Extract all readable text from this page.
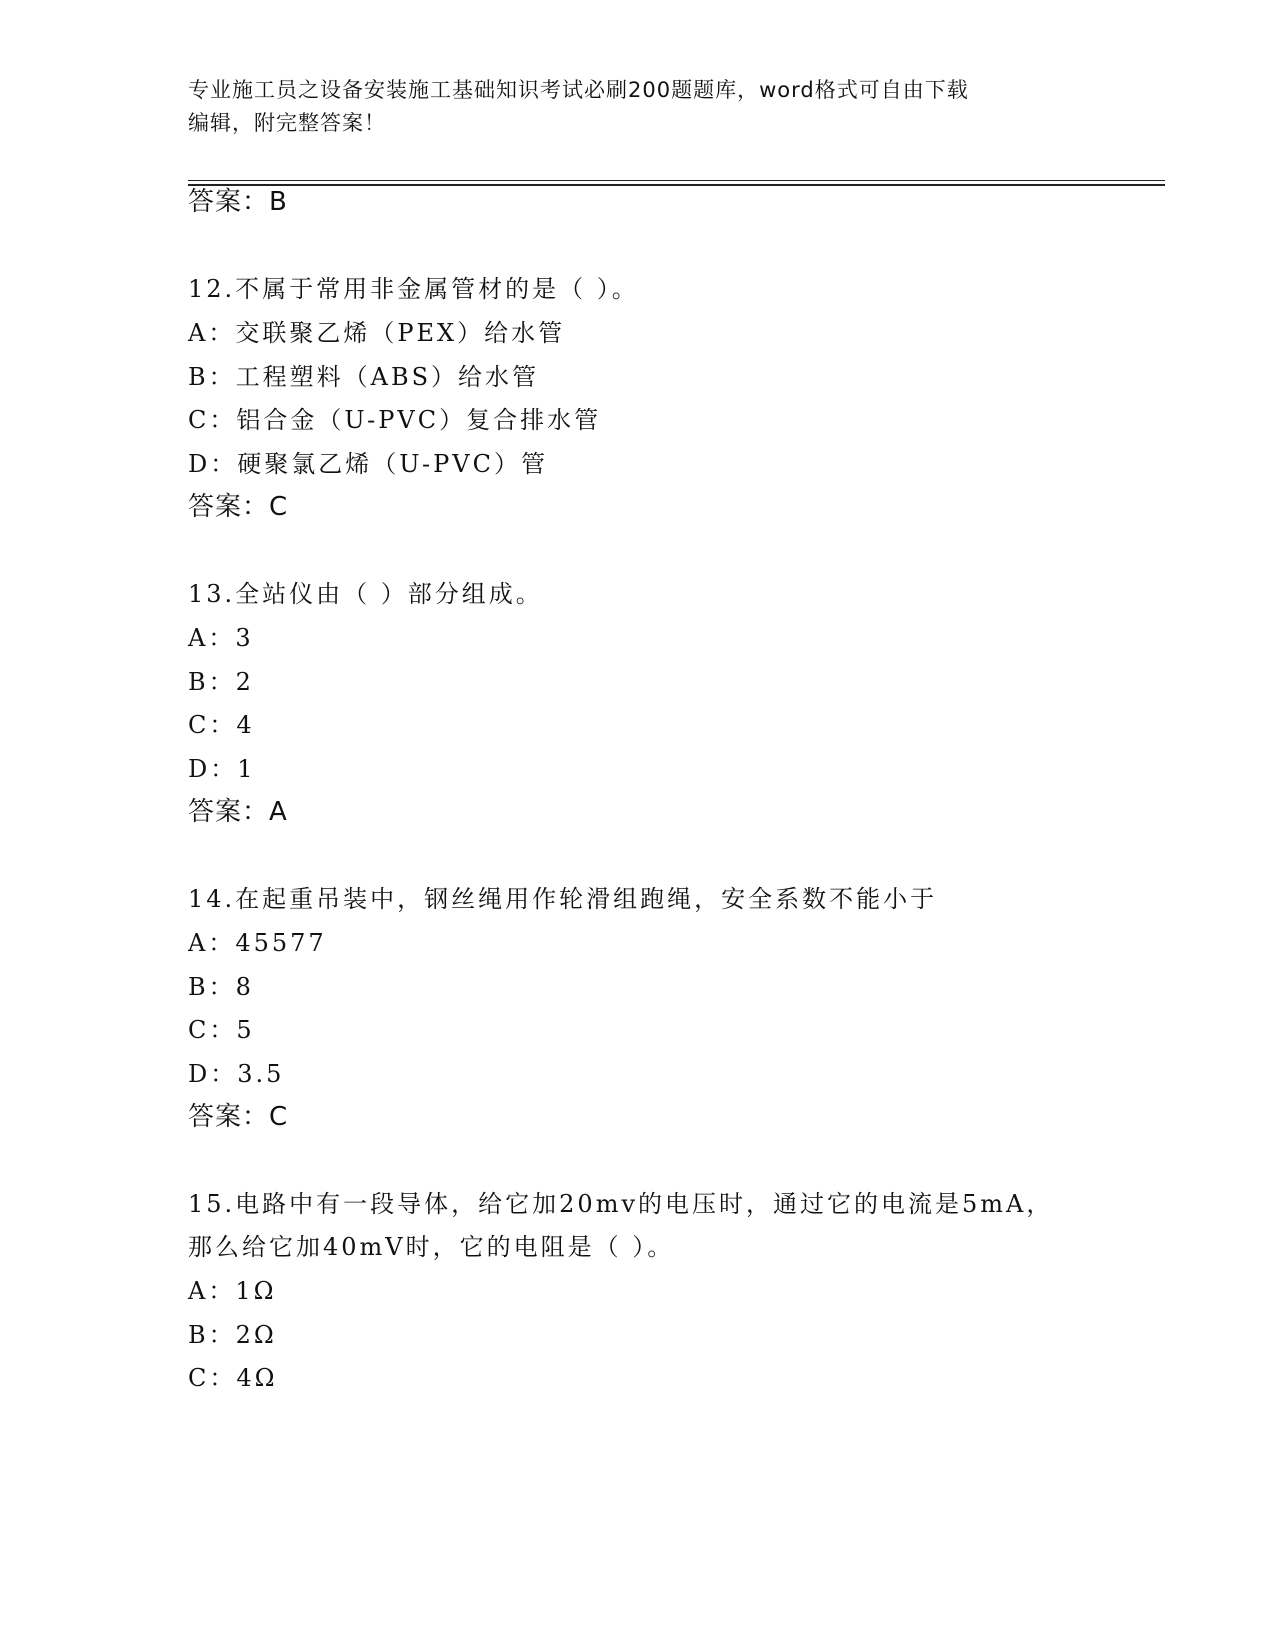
专业施工员之设备安装施工基础知识考试必刷200题题库，word格式可自由下载
编辑，附完整答案！
答案：B
12.不属于常用非金属管材的是（ ）。
A：交联聚乙烯（PEX）给水管
B：工程塑料（ABS）给水管
C：铝合金（U-PVC）复合排水管
D：硬聚氯乙烯（U-PVC）管
答案：C
13.全站仪由（ ）部分组成。
A：3
B：2
C：4
D：1
答案：A
14.在起重吊装中，钢丝绳用作轮滑组跑绳，安全系数不能小于
A：45577
B：8
C：5
D：3.5
答案：C
15.电路中有一段导体，给它加20mv的电压时，通过它的电流是5mA，
那么给它加40mV时，它的电阻是（ ）。
A：1Ω
B：2Ω
C：4Ω
